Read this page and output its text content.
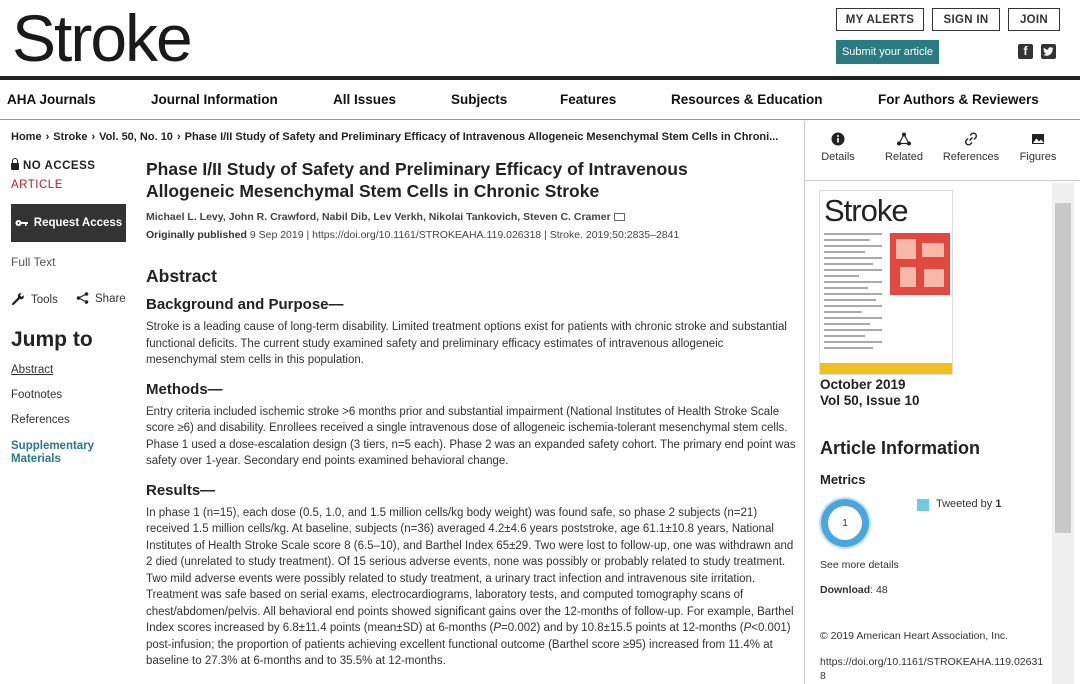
Stroke	MY ALERTS	SIGN IN	JOIN
Submit your article	f
AHA Journals	Journal Information	All Issues	Subjects	Features	Resources & Education	For Authors & Reviewers
Home › Stroke › Vol. 50, No. 10 › Phase I/II Study of Safety and Preliminary Efficacy of Intravenous Allogeneic Mesenchymal Stem Cells in Chroni...
NO ACCESS
ARTICLE
Request Access
Full Text
Tools	Share
Jump to
Abstract
Footnotes
References
Supplementary
Materials
Phase I/II Study of Safety and Preliminary Efficacy of Intravenous
Allogeneic Mesenchymal Stem Cells in Chronic Stroke
Michael L. Levy, John R. Crawford, Nabil Dib, Lev Verkh, Nikolai Tankovich, Steven C. Cramer
Originally published 9 Sep 2019 | https://doi.org/10.1161/STROKEAHA.119.026318 | Stroke. 2019;50:2835–2841
Abstract
Background and Purpose—
Stroke is a leading cause of long-term disability. Limited treatment options exist for patients with chronic stroke and substantial functional deficits. The current study examined safety and preliminary efficacy estimates of intravenous allogeneic mesenchymal stem cells in this population.
Methods—
Entry criteria included ischemic stroke >6 months prior and substantial impairment (National Institutes of Health Stroke Scale score ≥6) and disability. Enrollees received a single intravenous dose of allogeneic ischemia-tolerant mesenchymal stem cells. Phase 1 used a dose-escalation design (3 tiers, n=5 each). Phase 2 was an expanded safety cohort. The primary end point was safety over 1-year. Secondary end points examined behavioral change.
Results—
In phase 1 (n=15), each dose (0.5, 1.0, and 1.5 million cells/kg body weight) was found safe, so phase 2 subjects (n=21) received 1.5 million cells/kg. At baseline, subjects (n=36) averaged 4.2±4.6 years poststroke, age 61.1±10.8 years, National Institutes of Health Stroke Scale score 8 (6.5–10), and Barthel Index 65±29. Two were lost to follow-up, one was withdrawn and 2 died (unrelated to study treatment). Of 15 serious adverse events, none was possibly or probably related to study treatment. Two mild adverse events were possibly related to study treatment, a urinary tract infection and intravenous site irritation. Treatment was safe based on serial exams, electrocardiograms, laboratory tests, and computed tomography scans of chest/abdomen/pelvis. All behavioral end points showed significant gains over the 12-months of follow-up. For example, Barthel Index scores increased by 6.8±11.4 points (mean±SD) at 6-months (P=0.002) and by 10.8±15.5 points at 12-months (P<0.001) post-infusion; the proportion of patients achieving excellent functional outcome (Barthel score ≥95) increased from 11.4% at baseline to 27.3% at 6-months and to 35.5% at 12-months.
Details	Related	References	Figures
Stroke
October 2019
Vol 50, Issue 10
Article Information
Metrics
1
Tweeted by 1
See more details
Download: 48
© 2019 American Heart Association, Inc.
https://doi.org/10.1161/STROKEAHA.119.026318
